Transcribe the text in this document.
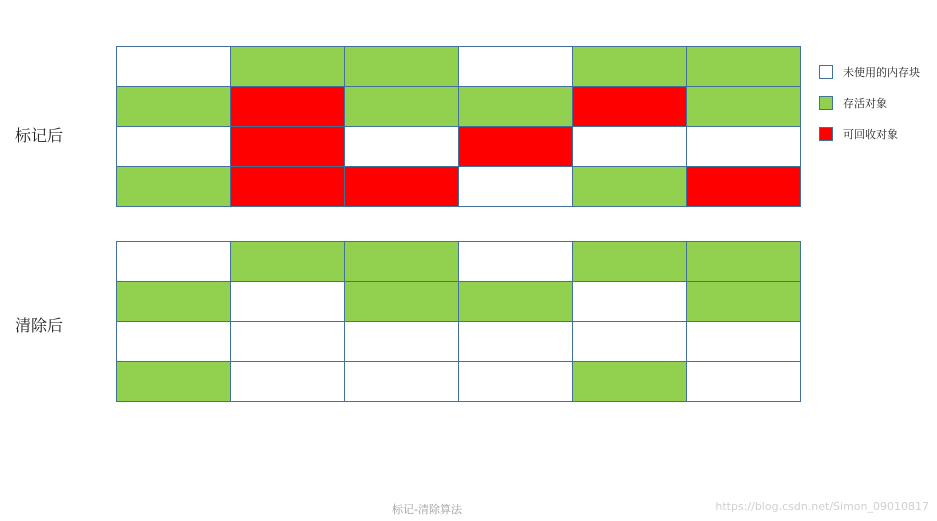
标记后
清除后
未使用的内存块
存活对象
可回收对象
标记-清除算法	https://blog.csdn.net/Simon_09010817
